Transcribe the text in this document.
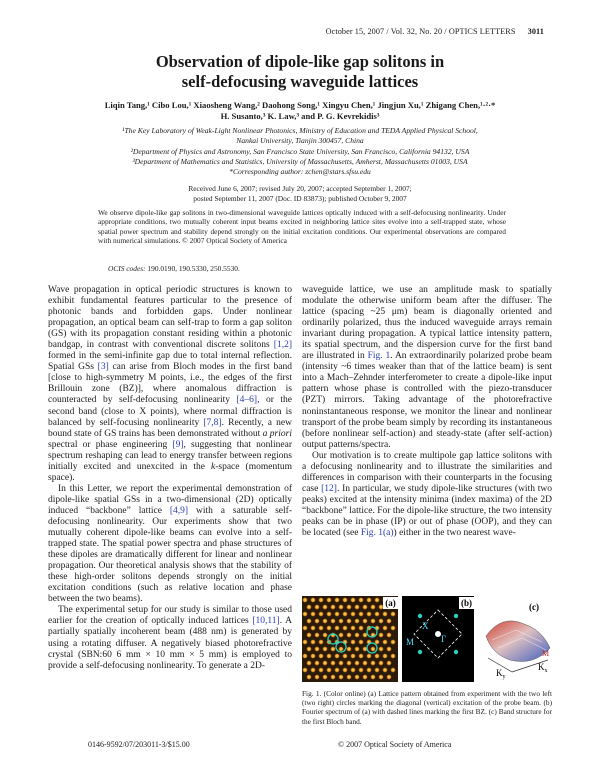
October 15, 2007 / Vol. 32, No. 20 / OPTICS LETTERS 3011
Observation of dipole-like gap solitons in
self-defocusing waveguide lattices
Liqin Tang,¹ Cibo Lou,¹ Xiaosheng Wang,² Daohong Song,¹ Xingyu Chen,¹ Jingjun Xu,¹ Zhigang Chen,¹·²·*
H. Susanto,³ K. Law,³ and P. G. Kevrekidis³
¹The Key Laboratory of Weak-Light Nonlinear Photonics, Ministry of Education and TEDA Applied Physical School,
Nankai University, Tianjin 300457, China
²Department of Physics and Astronomy, San Francisco State University, San Francisco, California 94132, USA
³Department of Mathematics and Statistics, University of Massachusetts, Amherst, Massachusetts 01003, USA
*Corresponding author: zchen@stars.sfsu.edu
Received June 6, 2007; revised July 20, 2007; accepted September 1, 2007;
posted September 11, 2007 (Doc. ID 83873); published October 9, 2007
We observe dipole-like gap solitons in two-dimensional waveguide lattices optically induced with a self-defocusing nonlinearity. Under appropriate conditions, two mutually coherent input beams excited in neighboring lattice sites evolve into a self-trapped state, whose spatial power spectrum and stability depend strongly on the initial excitation conditions. Our experimental observations are compared with numerical simulations. © 2007 Optical Society of America
OCIS codes: 190.0190, 190.5330, 250.5530.

Wave propagation in optical periodic structures is known to exhibit fundamental features particular to the presence of photonic bands and forbidden gaps. Under nonlinear propagation, an optical beam can self-trap to form a gap soliton (GS) with its propagation constant residing within a photonic bandgap, in contrast with conventional discrete solitons [1,2] formed in the semi-infinite gap due to total internal reflection. Spatial GSs [3] can arise from Bloch modes in the first band [close to high-symmetry M points, i.e., the edges of the first Brillouin zone (BZ)], where anomalous diffraction is counteracted by self-defocusing nonlinearity [4–6], or the second band (close to X points), where normal diffraction is balanced by self-focusing nonlinearity [7,8]. Recently, a new bound state of GS trains has been demonstrated without a priori spectral or phase engineering [9], suggesting that nonlinear spectrum reshaping can lead to energy transfer between regions initially excited and unexcited in the k-space (momentum space).

In this Letter, we report the experimental demonstration of dipole-like spatial GSs in a two-dimensional (2D) optically induced “backbone” lattice [4,9] with a saturable self-defocusing nonlinearity. Our experiments show that two mutually coherent dipole-like beams can evolve into a self-trapped state. The spatial power spectra and phase structures of these dipoles are dramatically different for linear and nonlinear propagation. Our theoretical analysis shows that the stability of these high-order solitons depends strongly on the initial excitation conditions (such as relative location and phase between the two beams).

The experimental setup for our study is similar to those used earlier for the creation of optically induced lattices [10,11]. A partially spatially incoherent beam (488 nm) is generated by using a rotating diffuser. A negatively biased photorefractive crystal (SBN:60 6 mm × 10 mm × 5 mm) is employed to provide a self-defocusing nonlinearity. To generate a 2D-

waveguide lattice, we use an amplitude mask to spatially modulate the otherwise uniform beam after the diffuser. The lattice (spacing ~25 μm) beam is diagonally oriented and ordinarily polarized, thus the induced waveguide arrays remain invariant during propagation. A typical lattice intensity pattern, its spatial spectrum, and the dispersion curve for the first band are illustrated in Fig. 1. An extraordinarily polarized probe beam (intensity ~6 times weaker than that of the lattice beam) is sent into a Mach–Zehnder interferometer to create a dipole-like input pattern whose phase is controlled with the piezo-transducer (PZT) mirrors. Taking advantage of the photorefractive noninstantaneous response, we monitor the linear and nonlinear transport of the probe beam simply by recording its instantaneous (before nonlinear self-action) and steady-state (after self-action) output patterns/spectra.

Our motivation is to create multipole gap lattice solitons with a defocusing nonlinearity and to illustrate the similarities and differences in comparison with their counterparts in the focusing case [12]. In particular, we study dipole-like structures (with two peaks) excited at the intensity minima (index maxima) of the 2D “backbone” lattice. For the dipole-like structure, the two intensity peaks can be in phase (IP) or out of phase (OOP), and they can be located (see Fig. 1(a)) either in the two nearest wave-

(a)
X
M	Γ
(b)
$K_y$
$K_x$
M
(c)
Fig. 1. (Color online) (a) Lattice pattern obtained from experiment with the two left (two right) circles marking the diagonal (vertical) excitation of the probe beam. (b) Fourier spectrum of (a) with dashed lines marking the first BZ. (c) Band structure for the first Bloch band.
0146-9592/07/203011-3/$15.00	© 2007 Optical Society of America
